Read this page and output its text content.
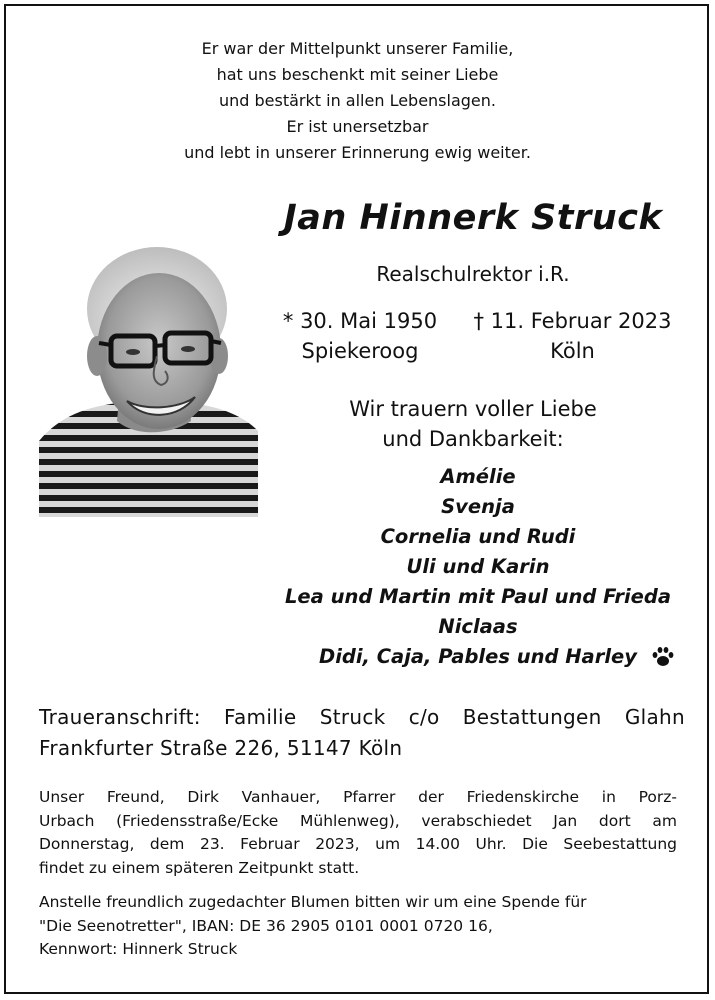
Er war der Mittelpunkt unserer Familie,
hat uns beschenkt mit seiner Liebe
und bestärkt in allen Lebenslagen.
Er ist unersetzbar
und lebt in unserer Erinnerung ewig weiter.
Jan Hinnerk Struck
Realschulrektor i.R.
* 30. Mai 1950
Spiekeroog
† 11. Februar 2023
Köln
Wir trauern voller Liebe
und Dankbarkeit:
Amélie
Svenja
Cornelia und Rudi
Uli und Karin
Lea und Martin mit Paul und Frieda
Niclaas
Didi, Caja, Pables und Harley
Traueranschrift: Familie Struck c/o Bestattungen Glahn
Frankfurter Straße 226, 51147 Köln
Unser Freund, Dirk Vanhauer, Pfarrer der Friedenskirche in Porz-
Urbach (Friedensstraße/Ecke Mühlenweg), verabschiedet Jan dort am
Donnerstag, dem 23. Februar 2023, um 14.00 Uhr. Die Seebestattung
findet zu einem späteren Zeitpunkt statt.
Anstelle freundlich zugedachter Blumen bitten wir um eine Spende für
"Die Seenotretter", IBAN: DE 36 2905 0101 0001 0720 16,
Kennwort: Hinnerk Struck
